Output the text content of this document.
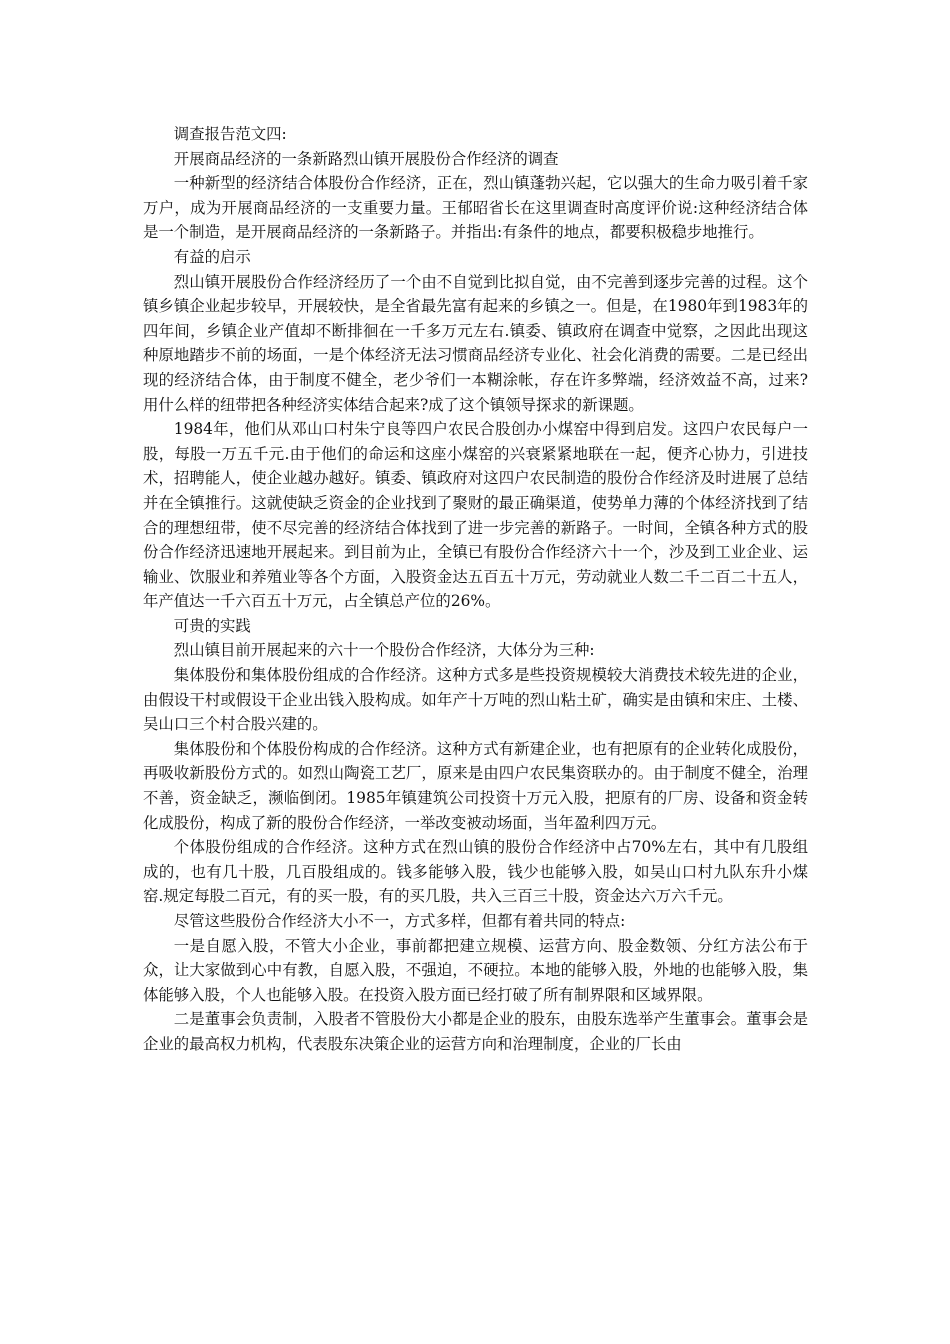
调查报告范文四:

开展商品经济的一条新路烈山镇开展股份合作经济的调查

一种新型的经济结合体股份合作经济，正在，烈山镇蓬勃兴起，它以强大的生命力吸引着千家万户，成为开展商品经济的一支重要力量。王郁昭省长在这里调查时高度评价说:这种经济结合体是一个制造，是开展商品经济的一条新路子。并指出:有条件的地点，都要积极稳步地推行。

有益的启示

烈山镇开展股份合作经济经历了一个由不自觉到比拟自觉，由不完善到逐步完善的过程。这个镇乡镇企业起步较早，开展较快，是全省最先富有起来的乡镇之一。但是，在1980年到1983年的四年间，乡镇企业产值却不断排徊在一千多万元左右.镇委、镇政府在调查中觉察，之因此出现这种原地踏步不前的场面，一是个体经济无法习惯商品经济专业化、社会化消费的需要。二是已经出现的经济结合体，由于制度不健全，老少爷们一本糊涂帐，存在许多弊端，经济效益不高，过来?用什么样的纽带把各种经济实体结合起来?成了这个镇领导探求的新课题。

1984年，他们从邓山口村朱宁良等四户农民合股创办小煤窑中得到启发。这四户农民每户一股，每股一万五千元.由于他们的命运和这座小煤窑的兴衰紧紧地联在一起，便齐心协力，引进技术，招聘能人，使企业越办越好。镇委、镇政府对这四户农民制造的股份合作经济及时进展了总结并在全镇推行。这就使缺乏资金的企业找到了聚财的最正确渠道，使势单力薄的个体经济找到了结合的理想纽带，使不尽完善的经济结合体找到了进一步完善的新路子。一时间，全镇各种方式的股份合作经济迅速地开展起来。到目前为止，全镇已有股份合作经济六十一个，沙及到工业企业、运输业、饮服业和养殖业等各个方面，入股资金达五百五十万元，劳动就业人数二千二百二十五人，年产值达一千六百五十万元，占全镇总产位的26%。

可贵的实践

烈山镇目前开展起来的六十一个股份合作经济，大体分为三种:

集体股份和集体股份组成的合作经济。这种方式多是些投资规模较大消费技术较先进的企业，由假设干村或假设干企业出钱入股构成。如年产十万吨的烈山粘土矿，确实是由镇和宋庄、土楼、吴山口三个村合股兴建的。

集体股份和个体股份构成的合作经济。这种方式有新建企业，也有把原有的企业转化成股份，再吸收新股份方式的。如烈山陶瓷工艺厂，原来是由四户农民集资联办的。由于制度不健全，治理不善，资金缺乏，濒临倒闭。1985年镇建筑公司投资十万元入股，把原有的厂房、设备和资金转化成股份，构成了新的股份合作经济，一举改变被动场面，当年盈利四万元。

个体股份组成的合作经济。这种方式在烈山镇的股份合作经济中占70%左右，其中有几股组成的，也有几十股，几百股组成的。钱多能够入股，钱少也能够入股，如吴山口村九队东升小煤窑.规定每股二百元，有的买一股，有的买几股，共入三百三十股，资金达六万六千元。

尽管这些股份合作经济大小不一，方式多样，但都有着共同的特点:

一是自愿入股，不管大小企业，事前都把建立规模、运营方向、股金数领、分红方法公布于众，让大家做到心中有教，自愿入股，不强迫，不硬拉。本地的能够入股，外地的也能够入股，集体能够入股，个人也能够入股。在投资入股方面已经打破了所有制界限和区域界限。

二是董事会负责制，入股者不管股份大小都是企业的股东，由股东选举产生董事会。董事会是企业的最高权力机构，代表股东决策企业的运营方向和治理制度，企业的厂长由
